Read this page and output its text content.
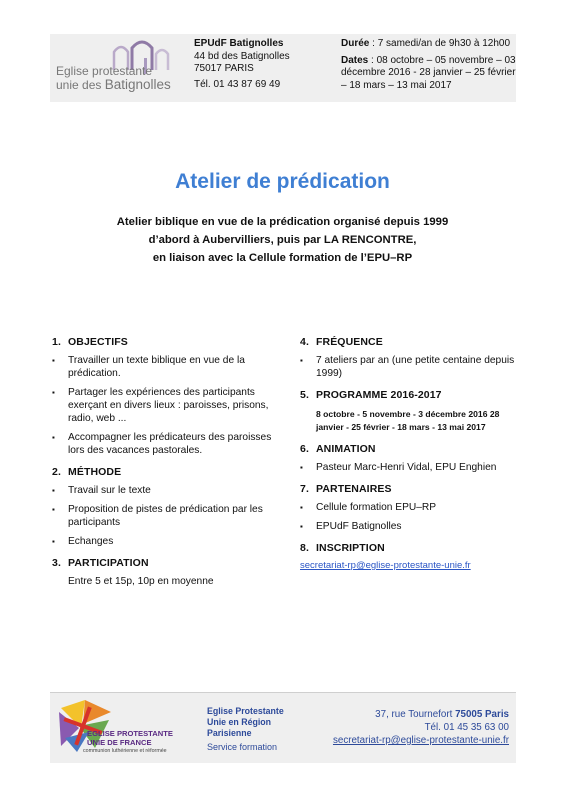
Eglise protestante
unie des Batignolles
EPUdF Batignolles
44 bd des Batignolles
75017 PARIS
Tél. 01 43 87 69 49
Durée : 7 samedi/an de 9h30 à 12h00
Dates : 08 octobre – 05 novembre – 03 décembre 2016 - 28 janvier – 25 février – 18 mars – 13 mai 2017
Atelier de prédication
Atelier biblique en vue de la prédication organisé depuis 1999
d’abord à Aubervilliers, puis par LA RENCONTRE,
en liaison avec la Cellule formation de l’EPU–RP
1. OBJECTIFS
▪ Travailler un texte biblique en vue de la prédication.
▪ Partager les expériences des participants exerçant en divers lieux : paroisses, prisons, radio, web ...
▪ Accompagner les prédicateurs des paroisses lors des vacances pastorales.
2. MÉTHODE
▪ Travail sur le texte
▪ Proposition de pistes de prédication par les participants
▪ Echanges
3. PARTICIPATION
Entre 5 et 15p, 10p en moyenne
4. FRÉQUENCE
▪ 7 ateliers par an (une petite centaine depuis 1999)
5. PROGRAMME 2016-2017
8 octobre - 5 novembre - 3 décembre 2016 28 janvier - 25 février - 18 mars - 13 mai 2017
6. ANIMATION
▪ Pasteur Marc-Henri Vidal, EPU Enghien
7. PARTENAIRES
▪ Cellule formation EPU–RP
▪ EPUdF Batignolles
8. INSCRIPTION
secretariat-rp@eglise-protestante-unie.fr
EGLISE PROTESTANTE
UNIE DE FRANCE
communion luthérienne et réformée
Eglise Protestante
Unie en Région
Parisienne
Service formation
37, rue Tournefort 75005 Paris
Tél. 01 45 35 63 00
secretariat-rp@eglise-protestante-unie.fr
